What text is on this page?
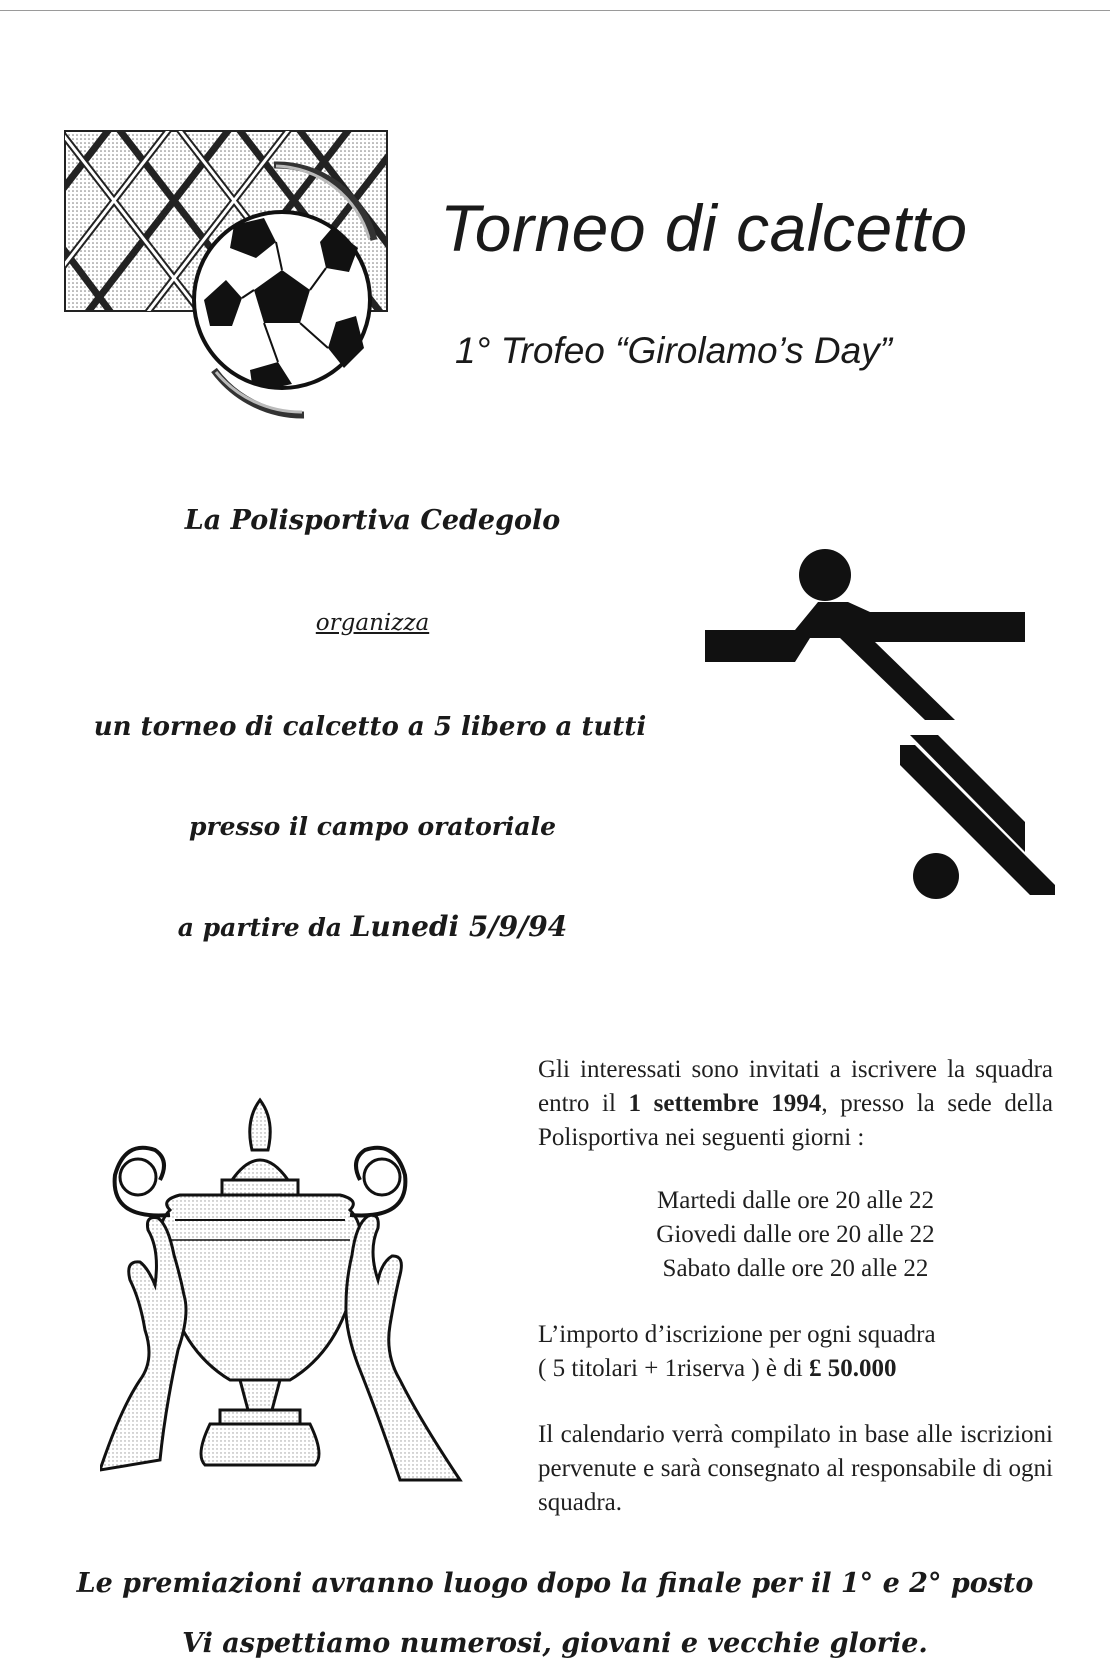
Torneo di calcetto
1° Trofeo “Girolamo’s Day”
La Polisportiva Cedegolo
organizza
un torneo di calcetto a 5 libero a tutti
presso il campo oratoriale
a partire da Lunedi 5/9/94
Gli interessati sono invitati a iscrivere la squadra entro il 1 settembre 1994, presso la sede della Polisportiva nei seguenti giorni :
Martedi dalle ore 20 alle 22
Giovedi dalle ore 20 alle 22
Sabato dalle ore 20 alle 22
L’importo d’iscrizione per ogni squadra
( 5 titolari + 1riserva ) è di £ 50.000
Il calendario verrà compilato in base alle iscrizioni pervenute e sarà consegnato al responsabile di ogni squadra.
Le premiazioni avranno luogo dopo la finale per il 1° e 2° posto
Vi aspettiamo numerosi, giovani e vecchie glorie.
